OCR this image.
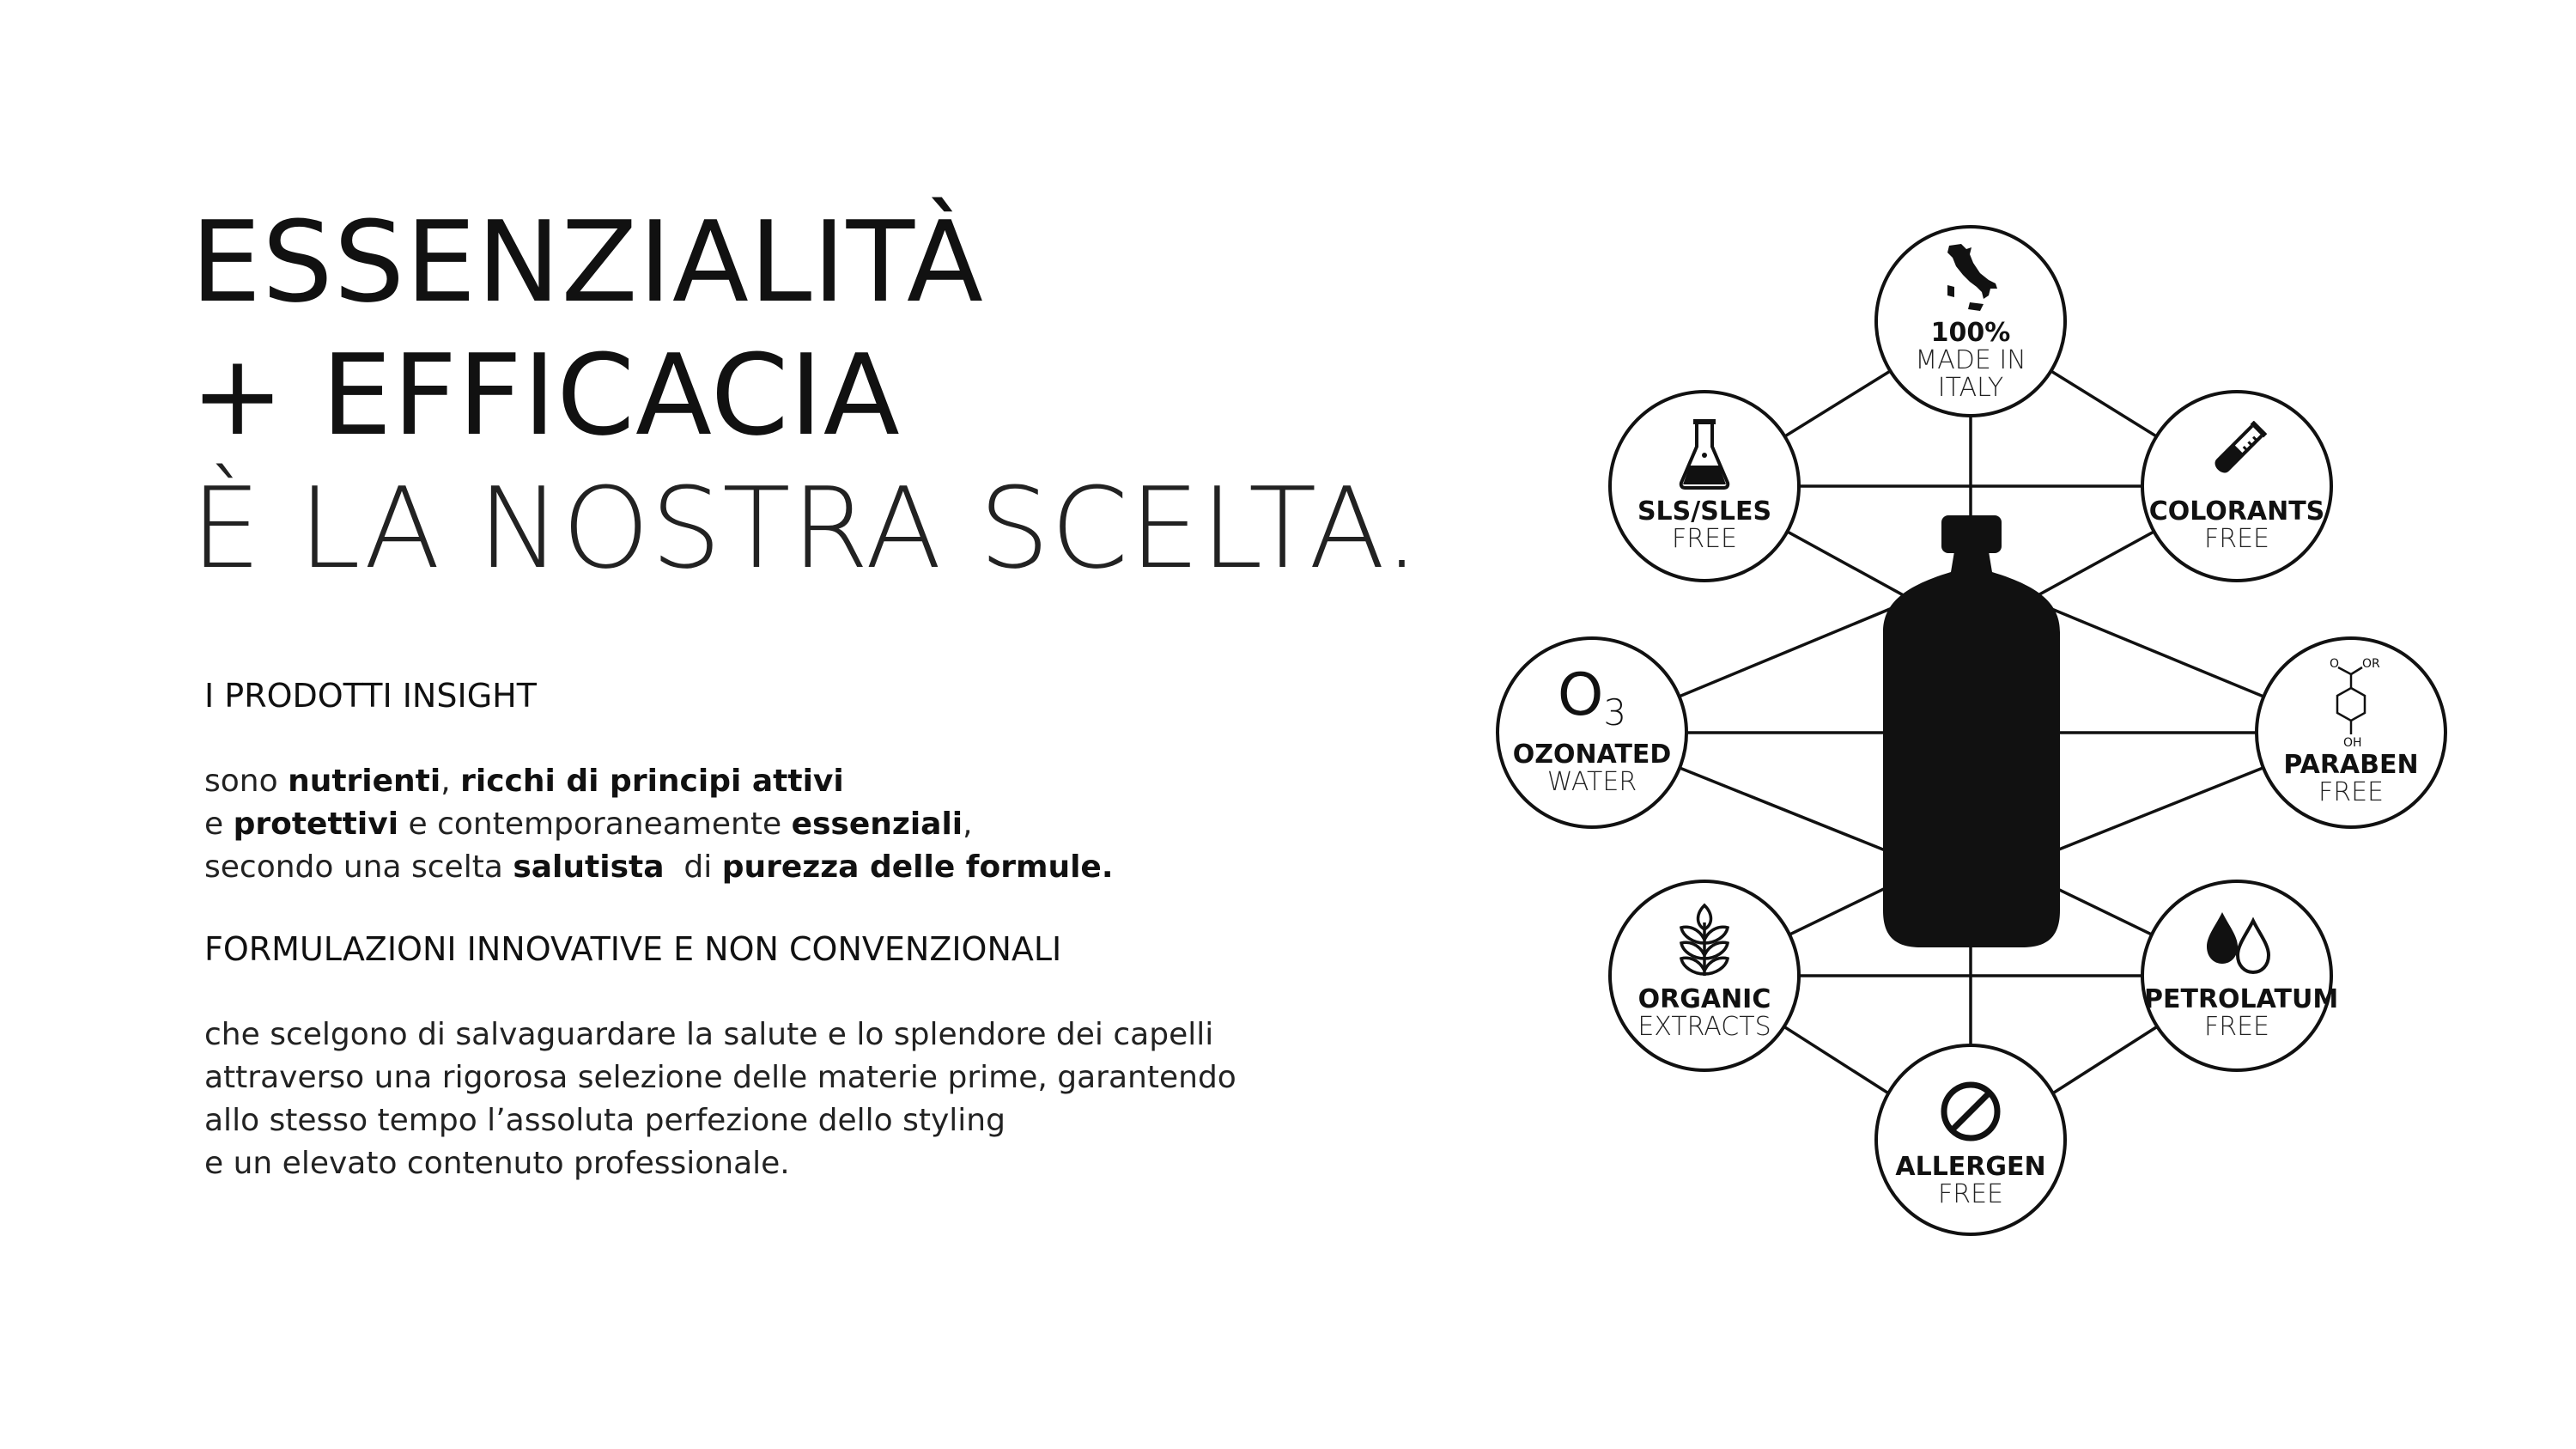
ESSENZIALITÀ
+ EFFICACIA
È LA NOSTRA SCELTA.
I PRODOTTI INSIGHT

sono nutrienti, ricchi di principi attivi

e protettivi e contemporaneamente essenziali,

secondo una scelta salutista  di purezza delle formule.

FORMULAZIONI INNOVATIVE E NON CONVENZIONALI

che scelgono di salvaguardare la salute e lo splendore dei capelli

attraverso una rigorosa selezione delle materie prime, garantendo

allo stesso tempo l’assoluta perfezione dello styling

e un elevato contenuto professionale.

100%
MADE IN
ITALY
SLS/SLES
FREE
COLORANTS
FREE
O3
OZONATED
WATER
O OR
OH
PARABEN
FREE
ORGANIC
EXTRACTS
PETROLATUM
FREE
ALLERGEN
FREE
